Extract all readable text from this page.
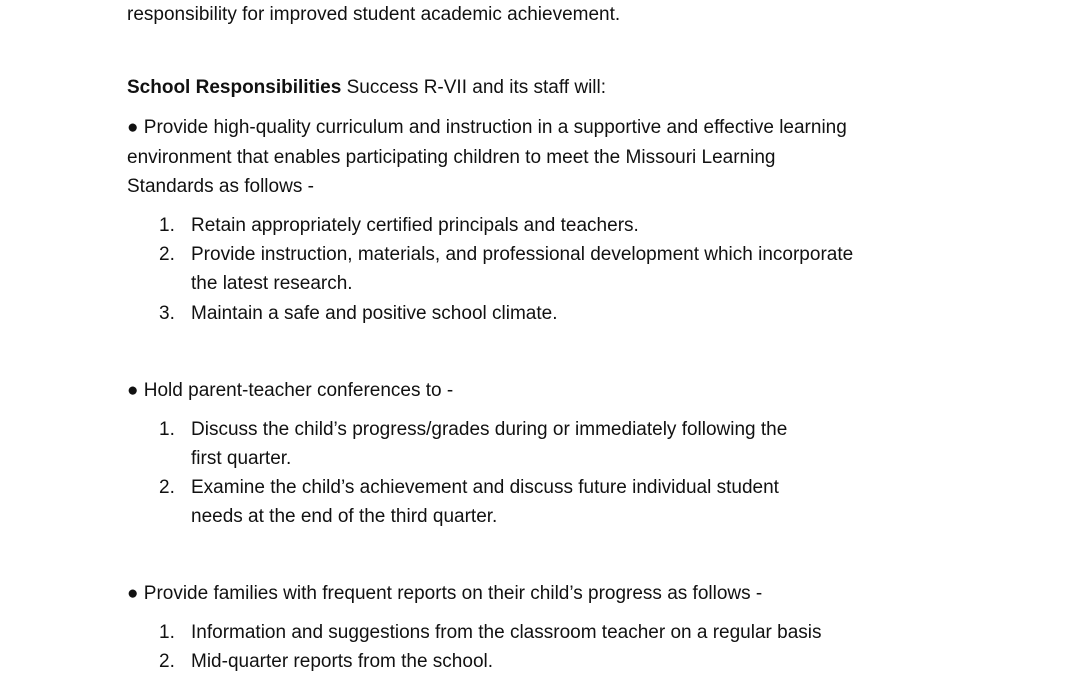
responsibility for improved student academic achievement.
School Responsibilities Success R-VII and its staff will:
● Provide high-quality curriculum and instruction in a supportive and effective learning
environment that enables participating children to meet the Missouri Learning
Standards as follows -
1. Retain appropriately certified principals and teachers.
2. Provide instruction, materials, and professional development which incorporate
the latest research.
3. Maintain a safe and positive school climate.
● Hold parent-teacher conferences to -
1. Discuss the child’s progress/grades during or immediately following the
first quarter.
2. Examine the child’s achievement and discuss future individual student
needs at the end of the third quarter.
● Provide families with frequent reports on their child’s progress as follows -
1. Information and suggestions from the classroom teacher on a regular basis
2. Mid-quarter reports from the school.
